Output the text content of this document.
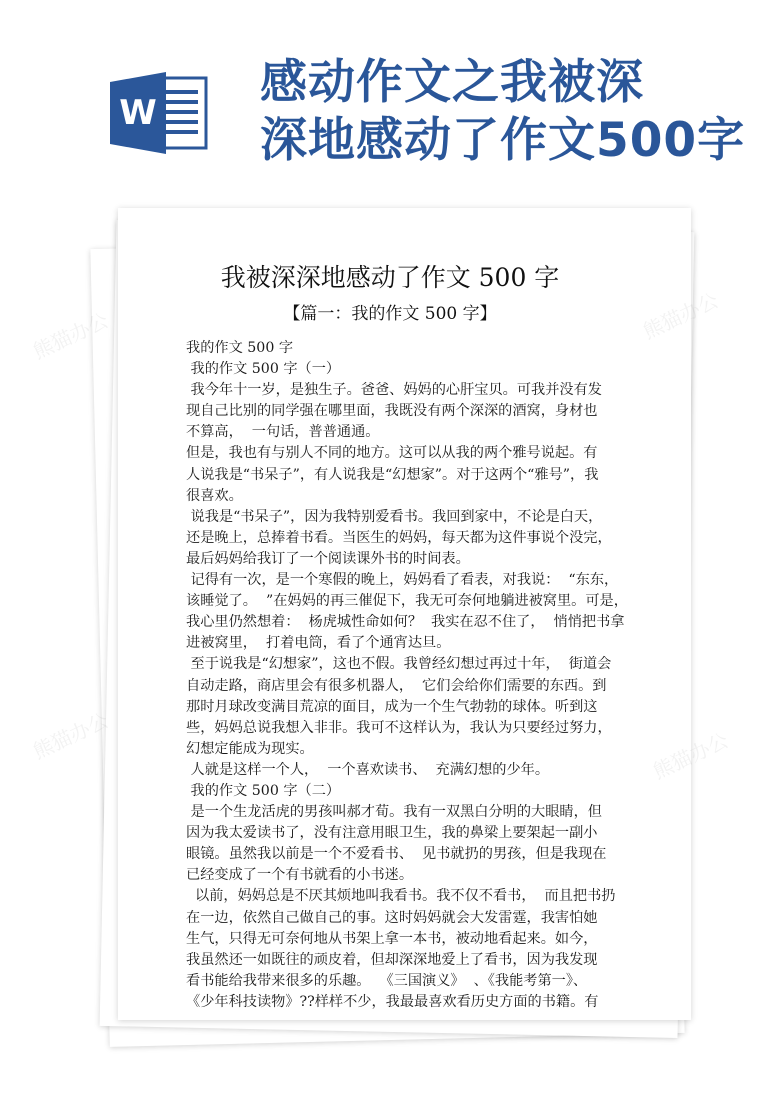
W
感动作文之我被深
深地感动了作文500字
熊猫办公
熊猫办公
我被深深地感动了作文 500 字
【篇一：我的作文 500 字】

我的作文 500 字

我的作文 500 字（一）

我今年十一岁，是独生子。爸爸、妈妈的心肝宝贝。可我并没有发

现自己比别的同学强在哪里面，我既没有两个深深的酒窝，身材也

不算高，  一句话，普普通通。

但是，我也有与别人不同的地方。这可以从我的两个雅号说起。有

人说我是“书呆子”，有人说我是“幻想家”。对于这两个“雅号”，我

很喜欢。

说我是“书呆子”，因为我特别爱看书。我回到家中，不论是白天，

还是晚上，总捧着书看。当医生的妈妈，每天都为这件事说个没完，

最后妈妈给我订了一个阅读课外书的时间表。

记得有一次，是一个寒假的晚上，妈妈看了看表，对我说：  “东东，

该睡觉了。  ”在妈妈的再三催促下，我无可奈何地躺进被窝里。可是，

我心里仍然想着：  杨虎城性命如何？  我实在忍不住了，  悄悄把书拿

进被窝里，  打着电筒，看了个通宵达旦。

至于说我是“幻想家”，这也不假。我曾经幻想过再过十年，  街道会

自动走路，商店里会有很多机器人，  它们会给你们需要的东西。到

那时月球改变满目荒凉的面目，成为一个生气勃勃的球体。听到这

些，妈妈总说我想入非非。我可不这样认为，我认为只要经过努力，

幻想定能成为现实。

人就是这样一个人，  一个喜欢读书、  充满幻想的少年。

我的作文 500 字（二）

是一个生龙活虎的男孩叫郝才荀。我有一双黑白分明的大眼睛，但

因为我太爱读书了，没有注意用眼卫生，我的鼻梁上要架起一副小

眼镜。虽然我以前是一个不爱看书、  见书就扔的男孩，但是我现在

已经变成了一个有书就看的小书迷。

以前，妈妈总是不厌其烦地叫我看书。我不仅不看书，  而且把书扔

在一边，依然自己做自己的事。这时妈妈就会大发雷霆，我害怕她

生气，只得无可奈何地从书架上拿一本书，被动地看起来。如今，

我虽然还一如既往的顽皮着，但却深深地爱上了看书，因为我发现

看书能给我带来很多的乐趣。  《三国演义》  、《我能考第一》、

《少年科技读物》??样样不少，我最最喜欢看历史方面的书籍。有
